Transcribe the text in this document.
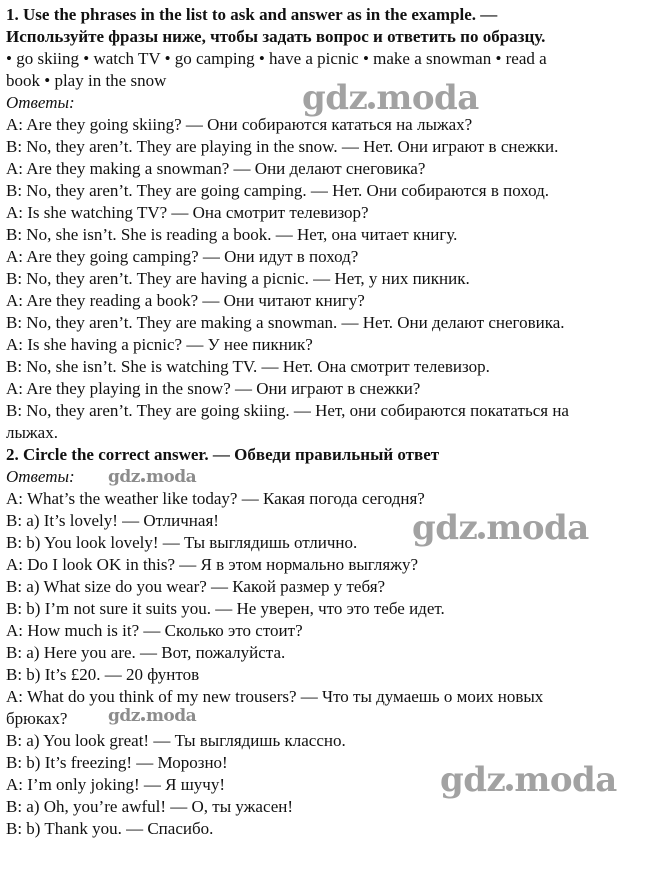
1. Use the phrases in the list to ask and answer as in the example. —
Используйте фразы ниже, чтобы задать вопрос и ответить по образцу.
• go skiing • watch TV • go camping • have a picnic • make a snowman • read a
book • play in the snow
Ответы:
A: Are they going skiing? — Они собираются кататься на лыжах?
B: No, they aren’t. They are playing in the snow. — Нет. Они играют в снежки.
A: Are they making a snowman? — Они делают снеговика?
B: No, they aren’t. They are going camping. — Нет. Они собираются в поход.
A: Is she watching TV? — Она смотрит телевизор?
B: No, she isn’t. She is reading a book. — Нет, она читает книгу.
A: Are they going camping? — Они идут в поход?
B: No, they aren’t. They are having a picnic. — Нет, у них пикник.
A: Are they reading a book? — Они читают книгу?
B: No, they aren’t. They are making a snowman. — Нет. Они делают снеговика.
A: Is she having a picnic? — У нее пикник?
B: No, she isn’t. She is watching TV. — Нет. Она смотрит телевизор.
A: Are they playing in the snow? — Они играют в снежки?
B: No, they aren’t. They are going skiing. — Нет, они собираются покататься на
лыжах.
2. Circle the correct answer. — Обведи правильный ответ
Ответы:
A: What’s the weather like today? — Какая погода сегодня?
B: a) It’s lovely! — Отличная!
B: b) You look lovely! — Ты выглядишь отлично.
A: Do I look OK in this? — Я в этом нормально выгляжу?
B: a) What size do you wear? — Какой размер у тебя?
B: b) I’m not sure it suits you. — Не уверен, что это тебе идет.
A: How much is it? — Сколько это стоит?
B: a) Here you are. — Вот, пожалуйста.
B: b) It’s £20. — 20 фунтов
A: What do you think of my new trousers? — Что ты думаешь о моих новых
брюках?
B: a) You look great! — Ты выглядишь классно.
B: b) It’s freezing! — Морозно!
A: I’m only joking! — Я шучу!
B: a) Oh, you’re awful! — О, ты ужасен!
B: b) Thank you. — Спасибо.
gdz moda
gdz moda
gdz moda
gdz moda
gdz moda
